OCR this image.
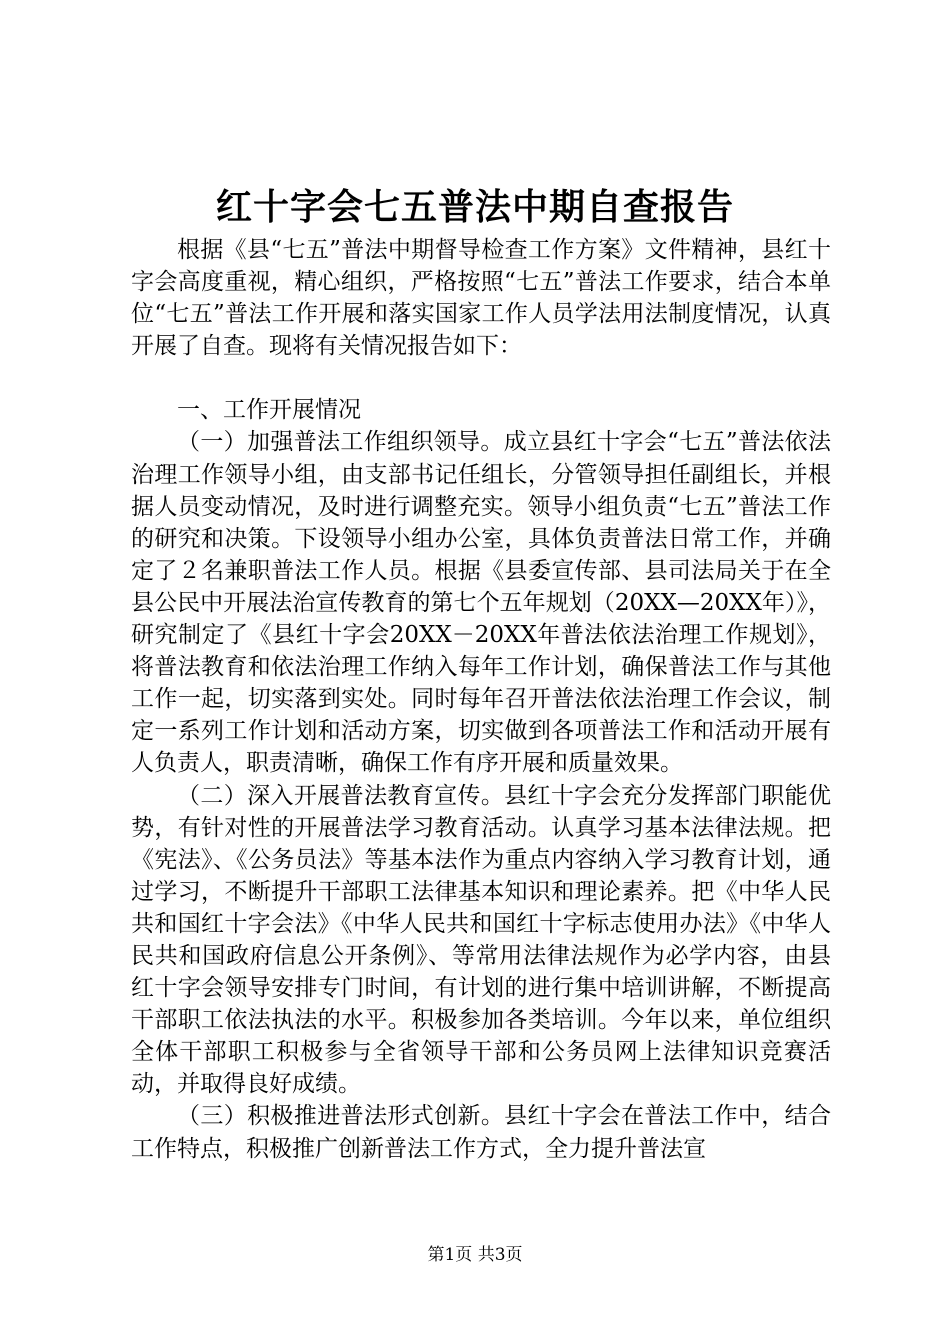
红十字会七五普法中期自查报告

根据《县“七五”普法中期督导检查工作方案》文件精神，县红十字会高度重视，精心组织，严格按照“七五”普法工作要求，结合本单位“七五”普法工作开展和落实国家工作人员学法用法制度情况，认真开展了自查。现将有关情况报告如下：

一、工作开展情况

（一）加强普法工作组织领导。成立县红十字会“七五”普法依法治理工作领导小组，由支部书记任组长，分管领导担任副组长，并根据人员变动情况，及时进行调整充实。领导小组负责“七五”普法工作的研究和决策。下设领导小组办公室，具体负责普法日常工作，并确定了２名兼职普法工作人员。根据《县委宣传部、县司法局关于在全县公民中开展法治宣传教育的第七个五年规划（20XX—20XX年）》，研究制定了《县红十字会20XX－20XX年普法依法治理工作规划》，将普法教育和依法治理工作纳入每年工作计划，确保普法工作与其他工作一起，切实落到实处。同时每年召开普法依法治理工作会议，制定一系列工作计划和活动方案，切实做到各项普法工作和活动开展有人负责人，职责清晰，确保工作有序开展和质量效果。

（二）深入开展普法教育宣传。县红十字会充分发挥部门职能优势，有针对性的开展普法学习教育活动。认真学习基本法律法规。把《宪法》、《公务员法》等基本法作为重点内容纳入学习教育计划，通过学习，不断提升干部职工法律基本知识和理论素养。把《中华人民共和国红十字会法》《中华人民共和国红十字标志使用办法》《中华人民共和国政府信息公开条例》、等常用法律法规作为必学内容，由县红十字会领导安排专门时间，有计划的进行集中培训讲解，不断提高干部职工依法执法的水平。积极参加各类培训。今年以来，单位组织全体干部职工积极参与全省领导干部和公务员网上法律知识竞赛活动，并取得良好成绩。

（三）积极推进普法形式创新。县红十字会在普法工作中，结合工作特点，积极推广创新普法工作方式，全力提升普法宣

第1页 共3页
